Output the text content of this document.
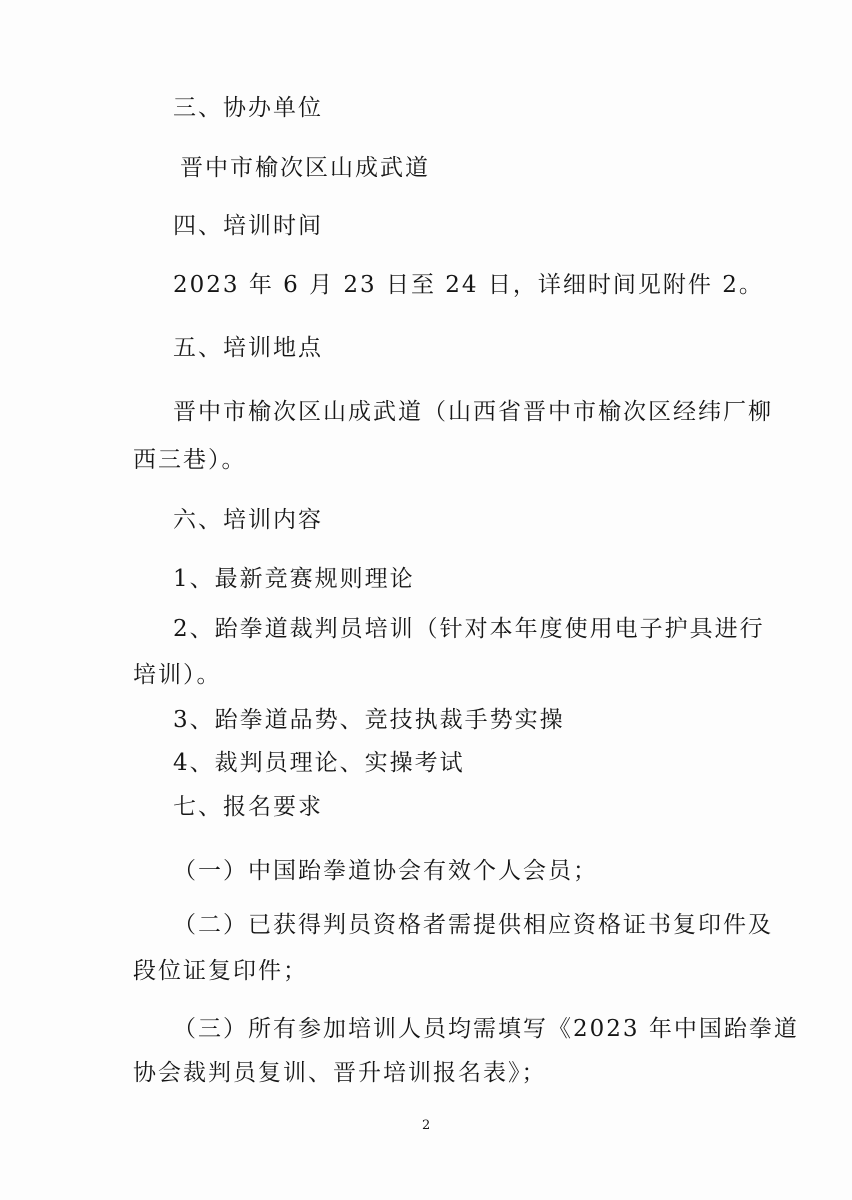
三、协办单位
晋中市榆次区山成武道
四、培训时间
2023 年 6 月 23 日至 24 日，详细时间见附件 2。
五、培训地点
晋中市榆次区山成武道（山西省晋中市榆次区经纬厂柳
西三巷）。
六、培训内容
1、最新竞赛规则理论
2、跆拳道裁判员培训（针对本年度使用电子护具进行
培训）。
3、跆拳道品势、竞技执裁手势实操
4、裁判员理论、实操考试
七、报名要求
（一）中国跆拳道协会有效个人会员；
（二）已获得判员资格者需提供相应资格证书复印件及
段位证复印件；
（三）所有参加培训人员均需填写《2023 年中国跆拳道
协会裁判员复训、晋升培训报名表》；
2
